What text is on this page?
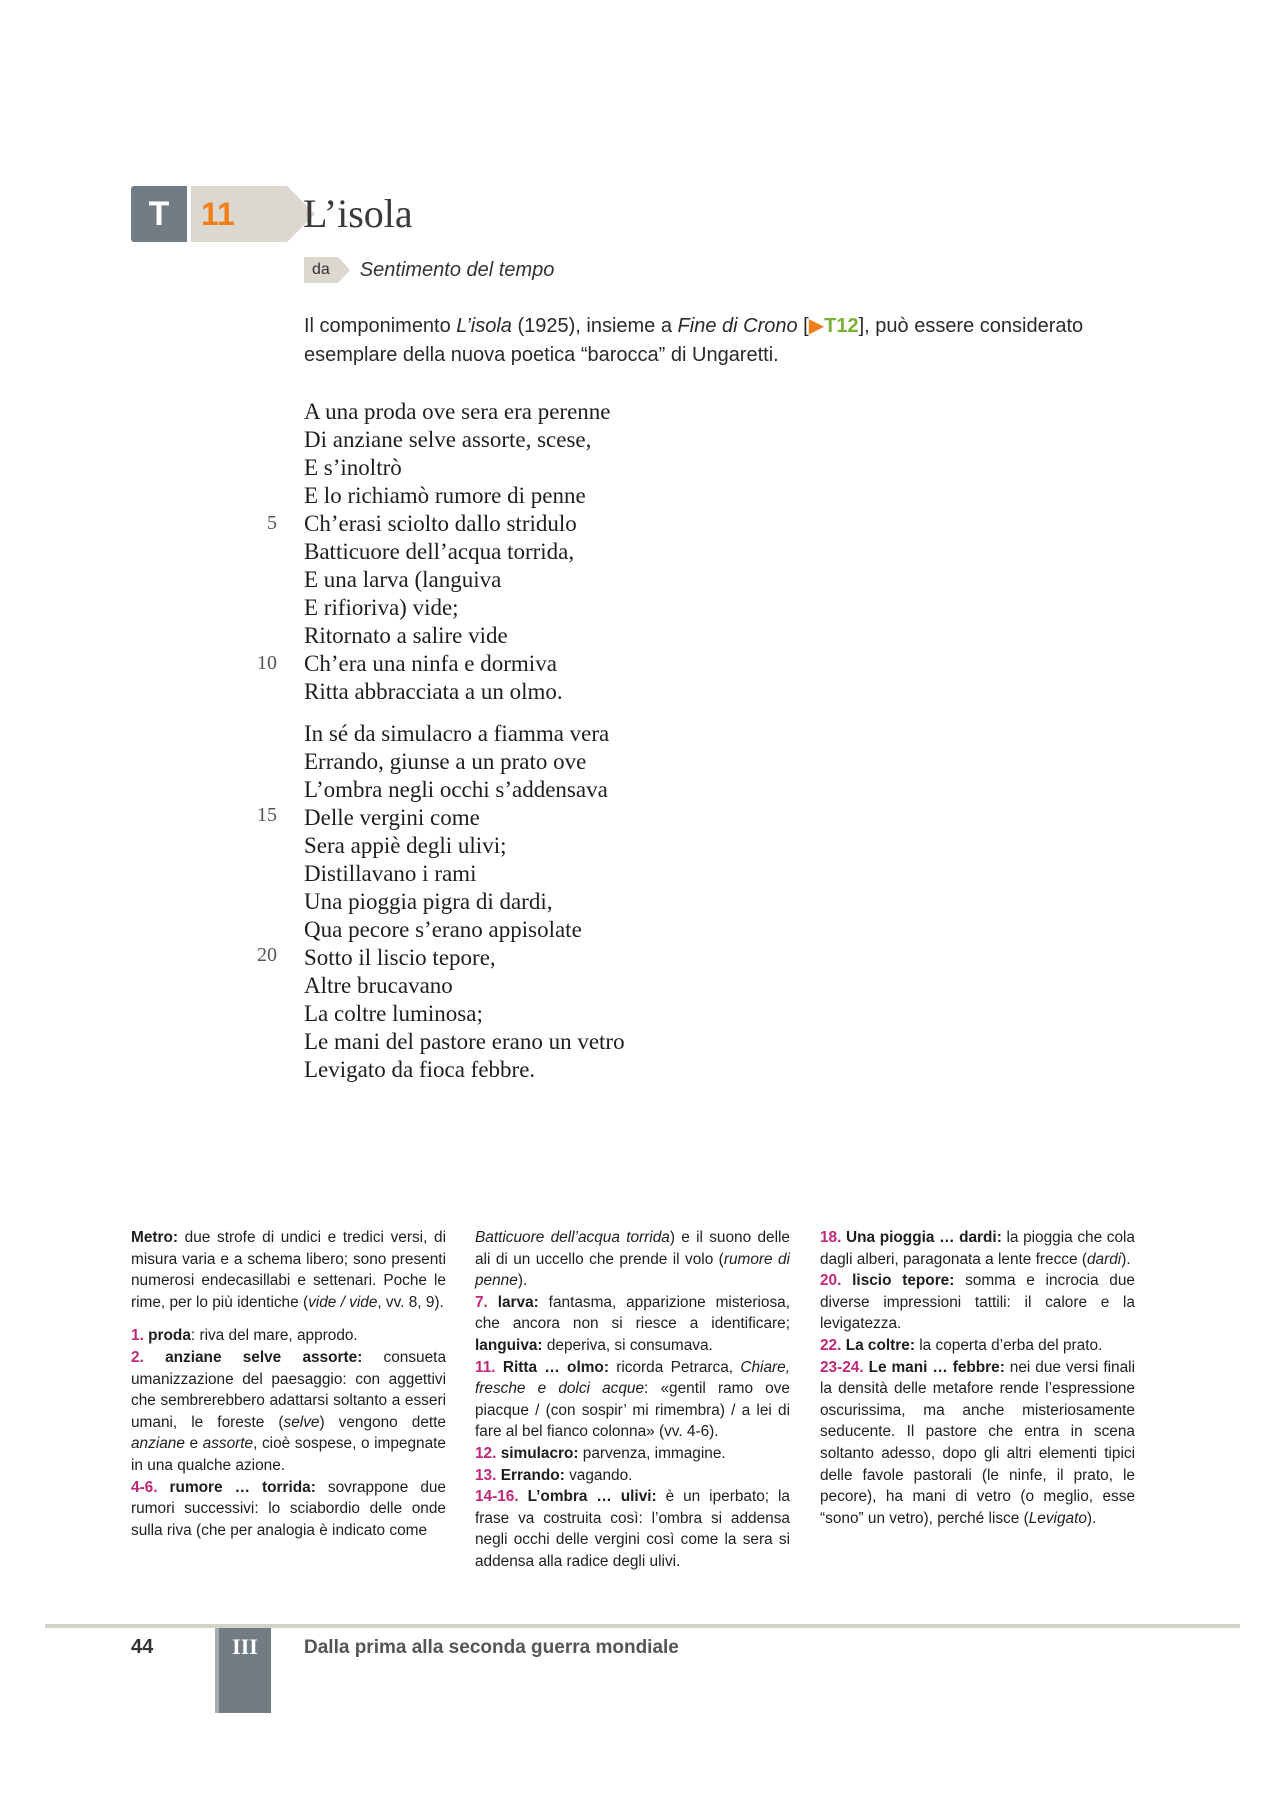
T 11	L’isola
da	Sentimento del tempo
Il componimento L’isola (1925), insieme a Fine di Crono [▶T12], può essere considerato esemplare della nuova poetica “barocca” di Ungaretti.
A una proda ove sera era perenne
Di anziane selve assorte, scese,
E s’inoltrò
E lo richiamò rumore di penne
Ch’erasi sciolto dallo stridulo
Batticuore dell’acqua torrida,
E una larva (languiva
E rifioriva) vide;
Ritornato a salire vide
Ch’era una ninfa e dormiva
Ritta abbracciata a un olmo.
In sé da simulacro a fiamma vera
Errando, giunse a un prato ove
L’ombra negli occhi s’addensava
Delle vergini come
Sera appiè degli ulivi;
Distillavano i rami
Una pioggia pigra di dardi,
Qua pecore s’erano appisolate
Sotto il liscio tepore,
Altre brucavano
La coltre luminosa;
Le mani del pastore erano un vetro
Levigato da fioca febbre.
5
10
15
20

Metro: due strofe di undici e tredici versi, di misura varia e a schema libero; sono presenti numerosi endecasillabi e settenari. Poche le rime, per lo più identiche (vide / vide, vv. 8, 9).

1. proda: riva del mare, approdo.

2. anziane selve assorte: consueta umanizzazione del paesaggio: con aggettivi che sembrerebbero adattarsi soltanto a esseri umani, le foreste (selve) vengono dette anziane e assorte, cioè sospese, o impegnate in una qualche azione.

4-6. rumore … torrida: sovrappone due rumori successivi: lo sciabordio delle onde sulla riva (che per analogia è indicato come

Batticuore dell’acqua torrida) e il suono delle ali di un uccello che prende il volo (rumore di penne).

7. larva: fantasma, apparizione misteriosa, che ancora non si riesce a identificare; languiva: deperiva, si consumava.

11. Ritta … olmo: ricorda Petrarca, Chiare, fresche e dolci acque: «gentil ramo ove piacque / (con sospir’ mi rimembra) / a lei di fare al bel fianco colonna» (vv. 4-6).

12. simulacro: parvenza, immagine.

13. Errando: vagando.

14-16. L’ombra … ulivi: è un iperbato; la frase va costruita così: l’ombra si addensa negli occhi delle vergini così come la sera si addensa alla radice degli ulivi.

18. Una pioggia … dardi: la pioggia che cola dagli alberi, paragonata a lente frecce (dardi).

20. liscio tepore: somma e incrocia due diverse impressioni tattili: il calore e la levigatezza.

22. La coltre: la coperta d’erba del prato.

23-24. Le mani … febbre: nei due versi finali la densità delle metafore rende l’espressione oscurissima, ma anche misteriosamente seducente. Il pastore che entra in scena soltanto adesso, dopo gli altri elementi tipici delle favole pastorali (le ninfe, il prato, le pecore), ha mani di vetro (o meglio, esse “sono” un vetro), perché lisce (Levigato).

44	III	Dalla prima alla seconda guerra mondiale
